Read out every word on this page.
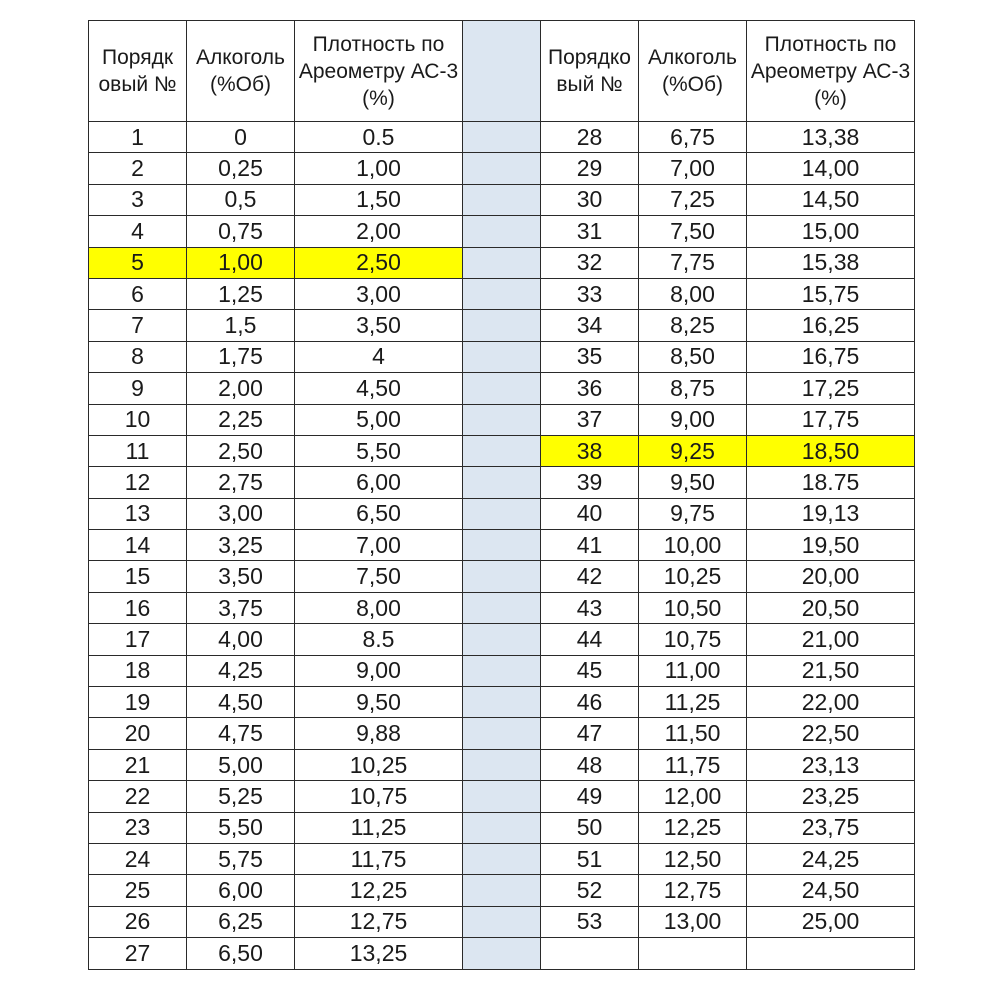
Порядк овый №	Алкоголь (%Об)	Плотность по Ареометру АС-3 (%)		Порядко вый №	Алкоголь (%Об)	Плотность по Ареометру АС-3 (%)
1	0	0.5		28	6,75	13,38
2	0,25	1,00		29	7,00	14,00
3	0,5	1,50		30	7,25	14,50
4	0,75	2,00		31	7,50	15,00
5	1,00	2,50		32	7,75	15,38
6	1,25	3,00		33	8,00	15,75
7	1,5	3,50		34	8,25	16,25
8	1,75	4		35	8,50	16,75
9	2,00	4,50		36	8,75	17,25
10	2,25	5,00		37	9,00	17,75
11	2,50	5,50		38	9,25	18,50
12	2,75	6,00		39	9,50	18.75
13	3,00	6,50		40	9,75	19,13
14	3,25	7,00		41	10,00	19,50
15	3,50	7,50		42	10,25	20,00
16	3,75	8,00		43	10,50	20,50
17	4,00	8.5		44	10,75	21,00
18	4,25	9,00		45	11,00	21,50
19	4,50	9,50		46	11,25	22,00
20	4,75	9,88		47	11,50	22,50
21	5,00	10,25		48	11,75	23,13
22	5,25	10,75		49	12,00	23,25
23	5,50	11,25		50	12,25	23,75
24	5,75	11,75		51	12,50	24,25
25	6,00	12,25		52	12,75	24,50
26	6,25	12,75		53	13,00	25,00
27	6,50	13,25				
